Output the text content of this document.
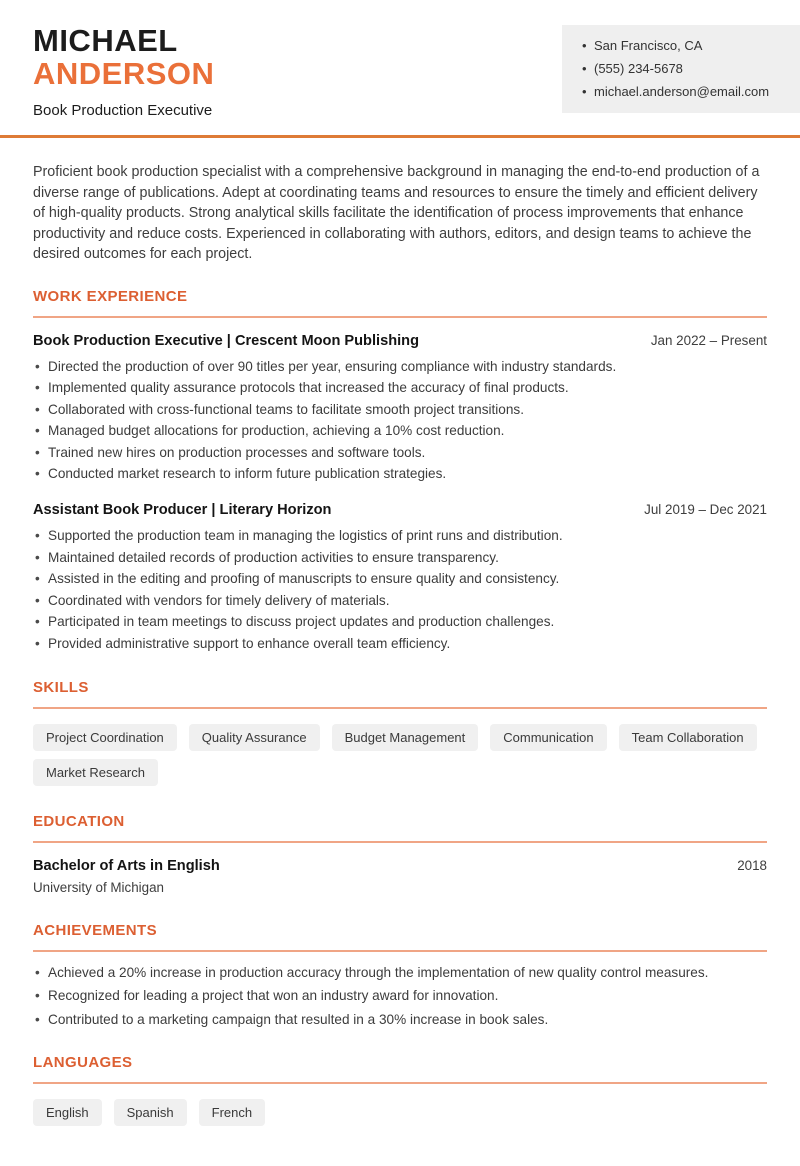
MICHAEL
ANDERSON
Book Production Executive
• San Francisco, CA
• (555) 234-5678
• michael.anderson@email.com

Proficient book production specialist with a comprehensive background in managing the end-to-end production of a diverse range of publications. Adept at coordinating teams and resources to ensure the timely and efficient delivery of high-quality products. Strong analytical skills facilitate the identification of process improvements that enhance productivity and reduce costs. Experienced in collaborating with authors, editors, and design teams to achieve the desired outcomes for each project.

WORK EXPERIENCE
Book Production Executive | Crescent Moon Publishing	Jan 2022 – Present
• Directed the production of over 90 titles per year, ensuring compliance with industry standards.
• Implemented quality assurance protocols that increased the accuracy of final products.
• Collaborated with cross-functional teams to facilitate smooth project transitions.
• Managed budget allocations for production, achieving a 10% cost reduction.
• Trained new hires on production processes and software tools.
• Conducted market research to inform future publication strategies.
Assistant Book Producer | Literary Horizon	Jul 2019 – Dec 2021
• Supported the production team in managing the logistics of print runs and distribution.
• Maintained detailed records of production activities to ensure transparency.
• Assisted in the editing and proofing of manuscripts to ensure quality and consistency.
• Coordinated with vendors for timely delivery of materials.
• Participated in team meetings to discuss project updates and production challenges.
• Provided administrative support to enhance overall team efficiency.
SKILLS
Project Coordination	Quality Assurance	Budget Management	Communication	Team Collaboration
Market Research
EDUCATION
Bachelor of Arts in English	2018
University of Michigan
ACHIEVEMENTS
• Achieved a 20% increase in production accuracy through the implementation of new quality control measures.
• Recognized for leading a project that won an industry award for innovation.
• Contributed to a marketing campaign that resulted in a 30% increase in book sales.
LANGUAGES
English	Spanish	French
